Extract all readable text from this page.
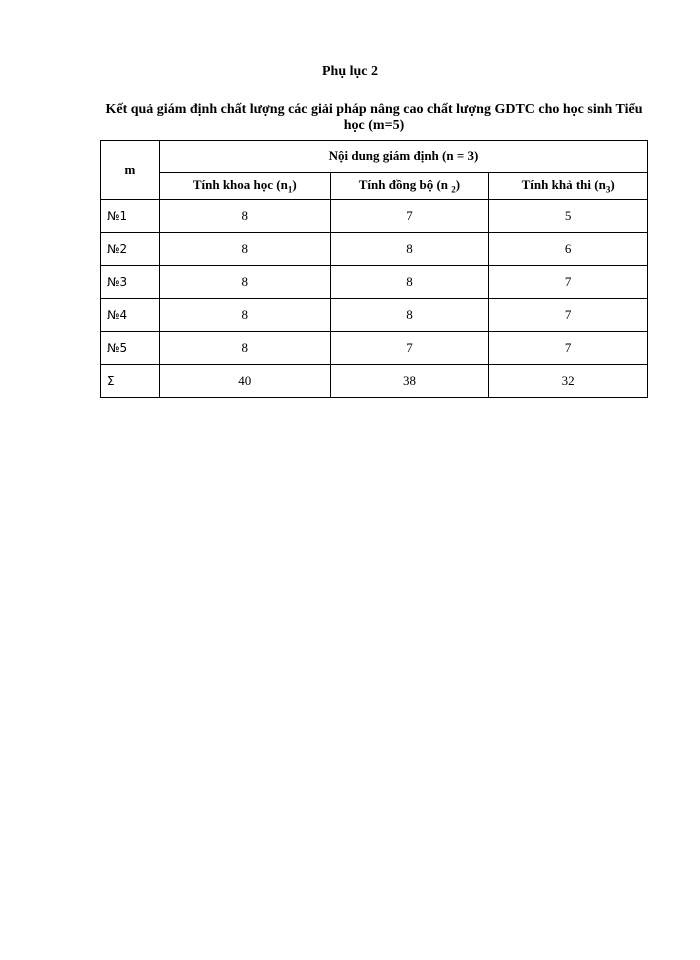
Phụ lục 2
Kết quả giám định chất lượng các giải pháp nâng cao chất lượng GDTC cho học sinh Tiểu học (m=5)
m	Nội dung giám định (n = 3)		
	Tính khoa học $(n_1)$	Tính đồng bộ (n $_2$)	Tính khả thi $(n_3)$
№1	8	7	5
№2	8	8	6
№3	8	8	7
№4	8	8	7
№5	8	7	7
Σ	40	38	32
